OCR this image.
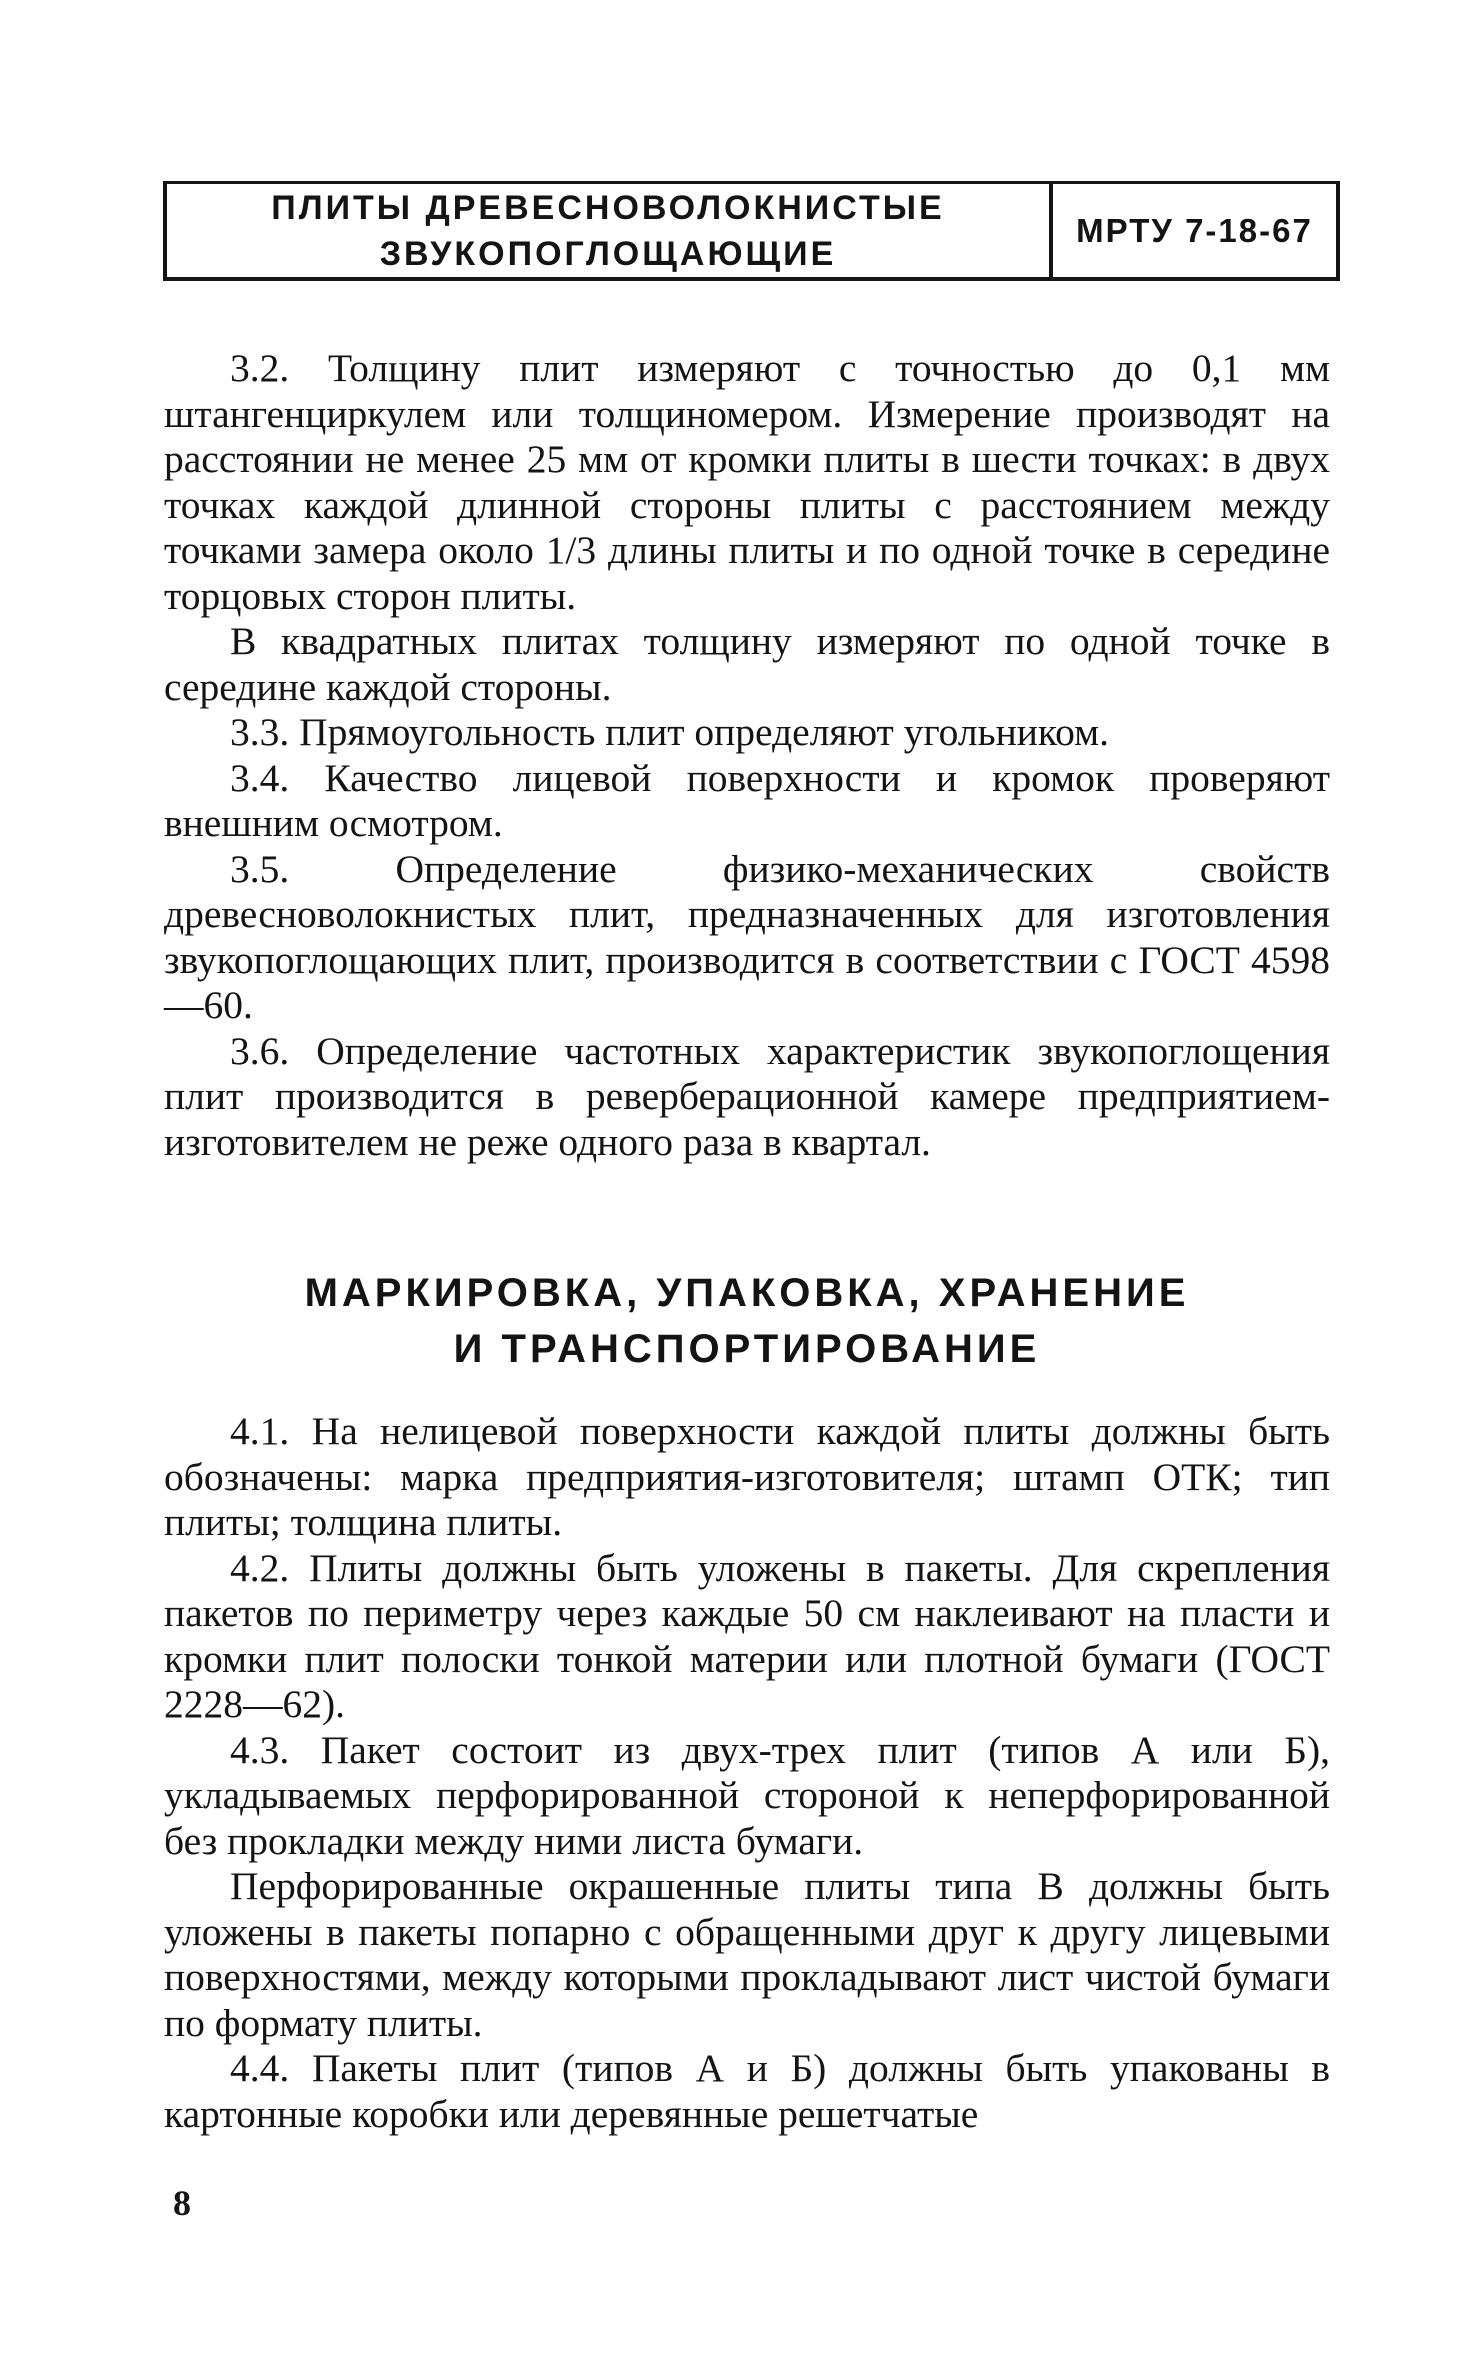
ПЛИТЫ ДРЕВЕСНОВОЛОКНИСТЫЕ
ЗВУКОПОГЛОЩАЮЩИЕ
МРТУ 7-18-67

3.2. Толщину плит измеряют с точностью до 0,1 мм штангенциркулем или толщиномером. Измерение производят на расстоянии не менее 25 мм от кромки плиты в шести точках: в двух точках каждой длинной стороны плиты с расстоянием между точками замера около 1/3 длины плиты и по одной точке в середине торцовых сторон плиты.

В квадратных плитах толщину измеряют по одной точке в середине каждой стороны.

3.3. Прямоугольность плит определяют угольником.

3.4. Качество лицевой поверхности и кромок проверяют внешним осмотром.

3.5. Определение физико-механических свойств древесноволокнистых плит, предназначенных для изготовления звукопоглощающих плит, производится в соответствии с ГОСТ 4598—60.

3.6. Определение частотных характеристик звукопоглощения плит производится в реверберационной камере предприятием-изготовителем не реже одного раза в квартал.

МАРКИРОВКА, УПАКОВКА, ХРАНЕНИЕ
И ТРАНСПОРТИРОВАНИЕ

4.1. На нелицевой поверхности каждой плиты должны быть обозначены: марка предприятия-изготовителя; штамп ОТК; тип плиты; толщина плиты.

4.2. Плиты должны быть уложены в пакеты. Для скрепления пакетов по периметру через каждые 50 см наклеивают на пласти и кромки плит полоски тонкой материи или плотной бумаги (ГОСТ 2228—62).

4.3. Пакет состоит из двух-трех плит (типов А или Б), укладываемых перфорированной стороной к неперфорированной без прокладки между ними листа бумаги.

Перфорированные окрашенные плиты типа В должны быть уложены в пакеты попарно с обращенными друг к другу лицевыми поверхностями, между которыми прокладывают лист чистой бумаги по формату плиты.

4.4. Пакеты плит (типов А и Б) должны быть упакованы в картонные коробки или деревянные решетчатые

8
